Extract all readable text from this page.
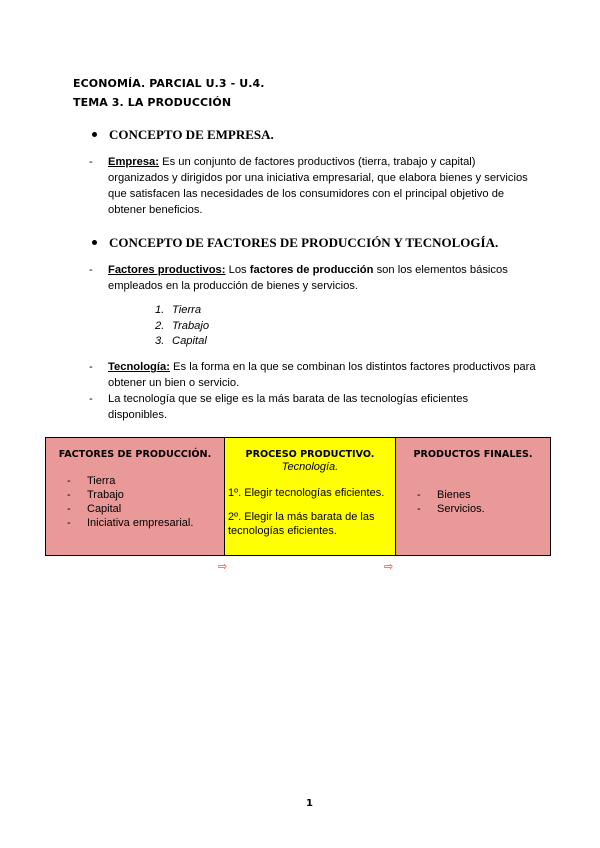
ECONOMÍA. PARCIAL U.3 - U.4.
TEMA 3. LA PRODUCCIÓN
CONCEPTO DE EMPRESA.
- Empresa: Es un conjunto de factores productivos (tierra, trabajo y capital) organizados y dirigidos por una iniciativa empresarial, que elabora bienes y servicios que satisfacen las necesidades de los consumidores con el principal objetivo de obtener beneficios.
CONCEPTO DE FACTORES DE PRODUCCIÓN Y TECNOLOGÍA.
- Factores productivos: Los factores de producción son los elementos básicos empleados en la producción de bienes y servicios.
1. Tierra
2. Trabajo
3. Capital
- Tecnología: Es la forma en la que se combinan los distintos factores productivos para obtener un bien o servicio.
- La tecnología que se elige es la más barata de las tecnologías eficientes disponibles.
FACTORES DE PRODUCCIÓN.
- Tierra
- Trabajo
- Capital
- Iniciativa empresarial.

PROCESO PRODUCTIVO.
Tecnología.
1º. Elegir tecnologías eficientes.
2º. Elegir la más barata de las tecnologías eficientes.

PRODUCTOS FINALES.
- Bienes
- Servicios.
⇨	⇨
1
